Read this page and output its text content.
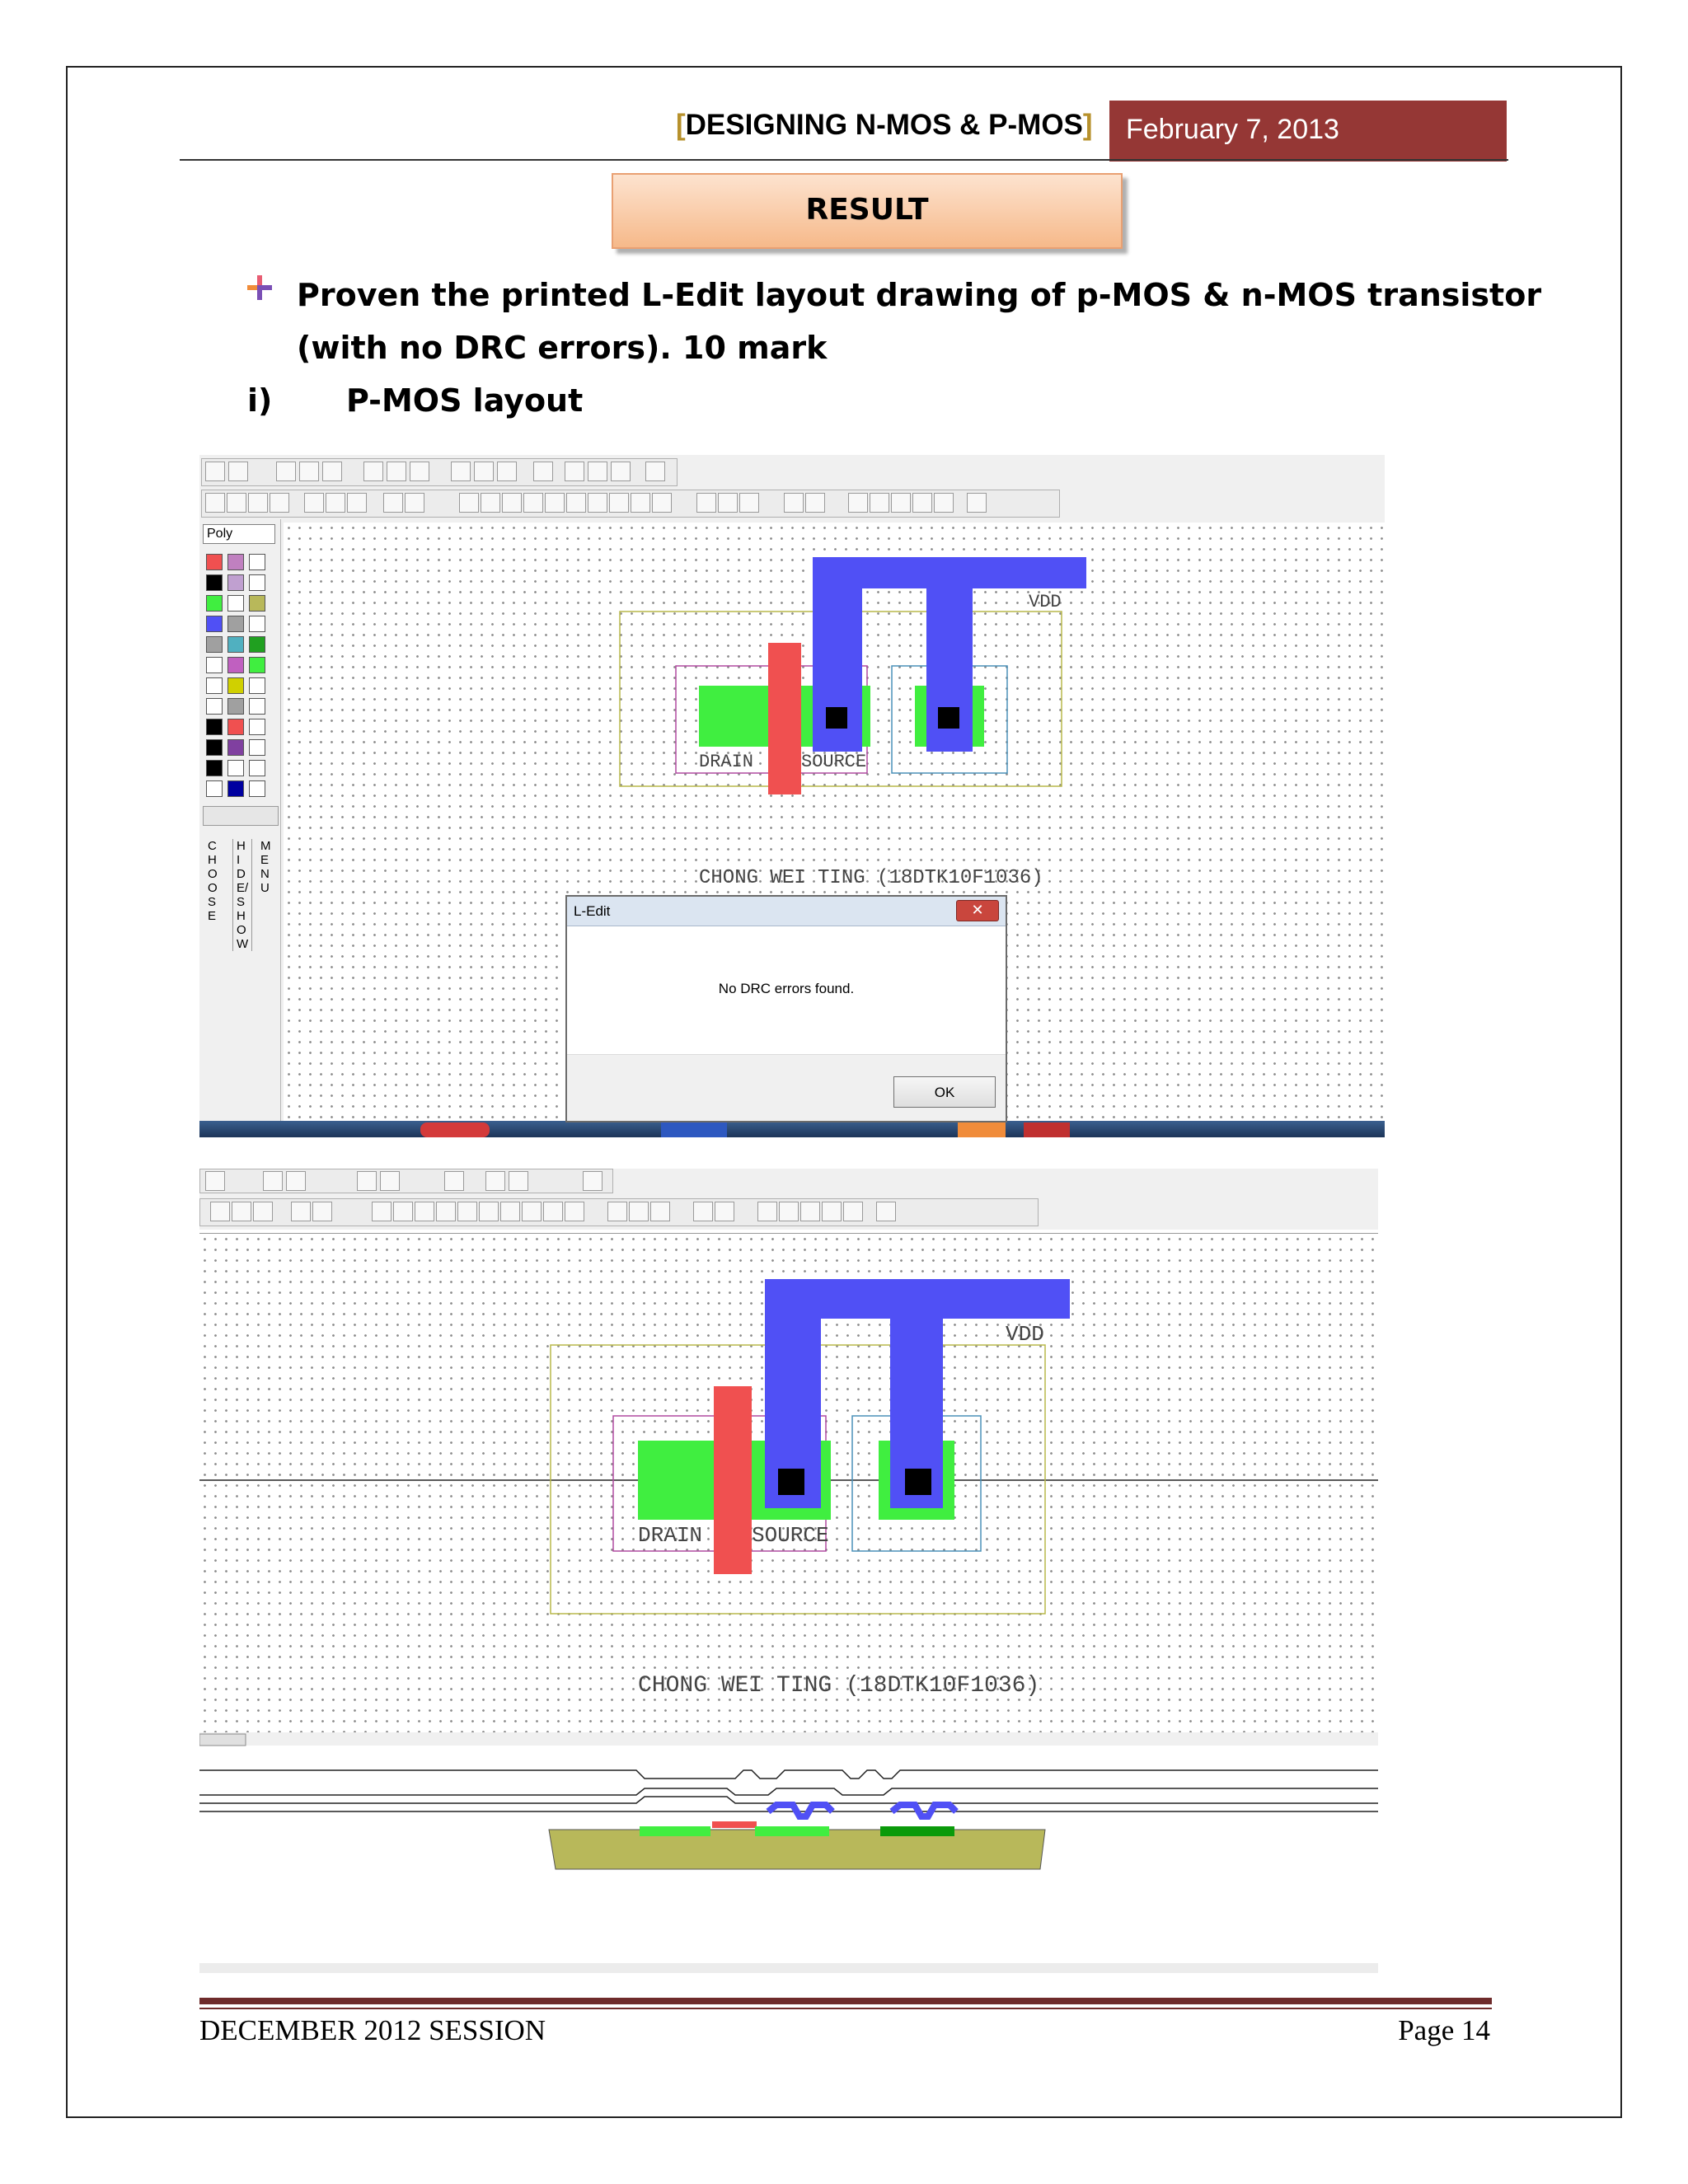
[DESIGNING N-MOS & P-MOS]	February 7, 2013
RESULT
Proven the printed L-Edit layout drawing of p-MOS & n-MOS transistor
(with no DRC errors). 10 mark
i) P-MOS layout
Poly
CHOOSE
HIDE/SHOW
MENU
VDD
DRAIN	SOURCE
CHONG WEI TING (18DTK10F1036)
L-Edit	✕
No DRC errors found.
OK
VDD
DRAIN SOURCE
CHONG WEI TING (18DTK10F1036)
DECEMBER 2012 SESSION	Page 14
